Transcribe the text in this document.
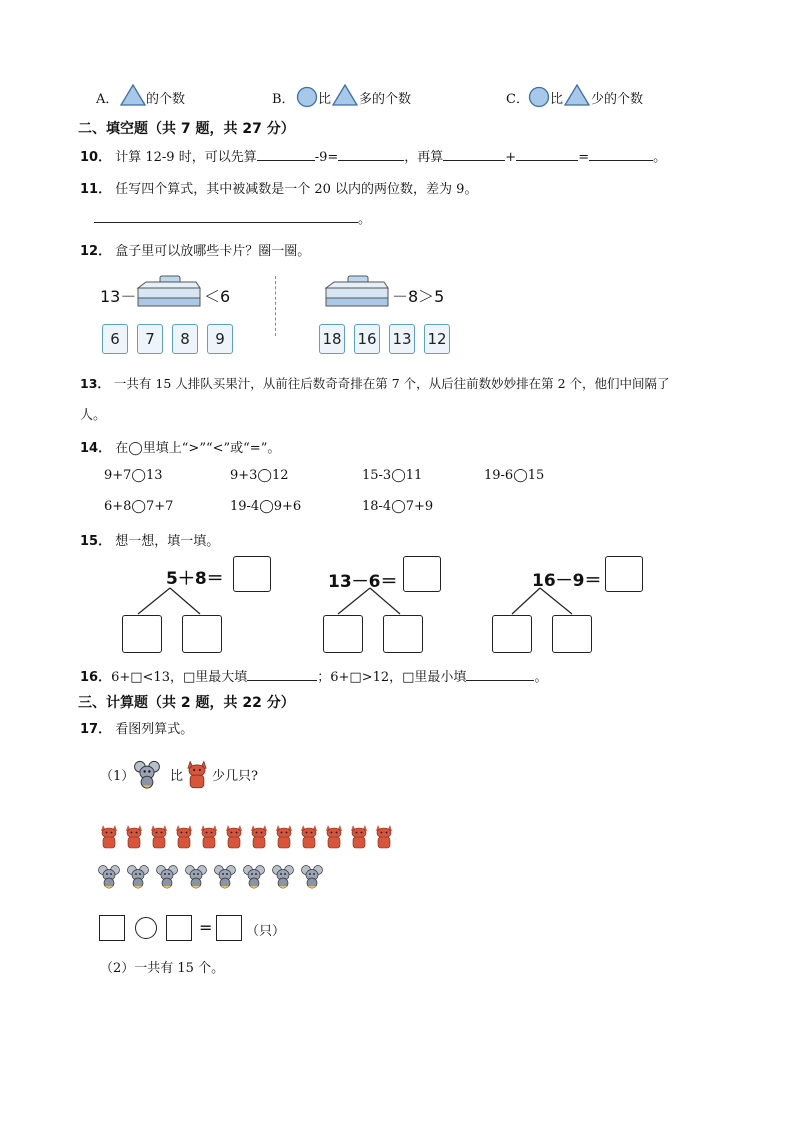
A． 的个数	B． 比 多的个数	C． 比 少的个数
二、填空题（共 7 题，共 27 分）
10． 计算 12-9 时，可以先算	-9=	，再算	+	=	。
11． 任写四个算式，其中被减数是一个 20 以内的两位数，差为 9。
。
12． 盒子里可以放哪些卡片？圈一圈。
13－	＜6	－8＞5
6	7	8	9	18 16 13 12
13． 一共有 15 人排队买果汁，从前往后数奇奇排在第 7 个，从后往前数妙妙排在第 2 个，他们中间隔了
人。
14． 在◯里填上“>”“<”或“=”。
9+7◯13	9+3◯12	15-3◯11	19-6◯15
6+8◯7+7	19-4◯9+6	18-4◯7+9
15． 想一想，填一填。
5＋8＝	13－6＝	16－9＝
16．6+□<13，□里最大填	；6+□>12，□里最小填	。
三、计算题（共 2 题，共 22 分）
17． 看图列算式。
（1）	比 少几只?
=	（只）
（2）一共有 15 个。
